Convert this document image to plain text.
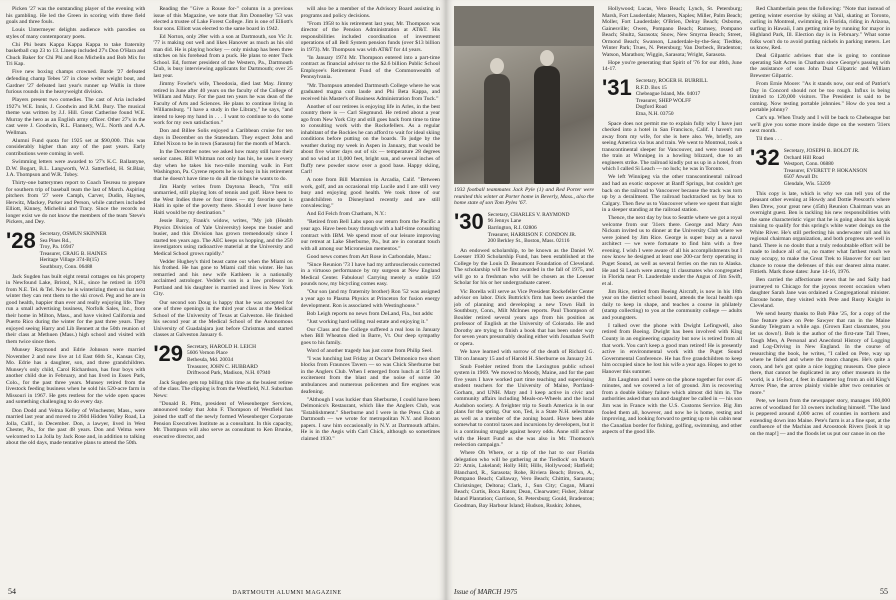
Picken '27 was the outstanding player of the evening with his gambling. He led the Green in scoring with three field goals and three fouls.

Louis Untermeyer delights audience with parodies on styles of many contemporary poets.

Chi Phi beats Kappa Kappa Kappa to take fraternity basketball cup 23 to 13. Lineup included 27's Don O'Hara and Chuck Baker for Chi Phi and Ron Michelin and Bob Mix for Tri Kap.

Five new boxing champs crowned. Barde '27 defeated defending champ Tebes '27 in close welter weight bout, and Gardner '27 defeated last year's runner up Wallis in three furious rounds in the heavyweight division.

Players present two comedies. The cast of Aria included 1927's W.E. Innis, J. Goodwin and R.M. Bury. The musical theme was written by J.J. Hill. Great Catherine found W.E. Murray the hero as an English army officer. Other 27's in the cast were J. Goodwin, R.L. Flannery, W.L. North and A.A. Wellman.

Alumni Fund quota for 1925 set at $90,000. This was considerably higher than any of the past years. Early contributions were coming in well.

Swimming letters were awarded to '27's K.C. Ballantyne, D.W. Bogart, B.L. Langworth, W.J. Satterfield, H. St.Blair, J.A. Thompson and W.R. Tobey.

Thirty-one batterymen report to Coach Tesreau to prepare for southern trip of baseball team the last of March. Aspiring pitchers from '27 were Camph, Carver, Dudin, Haynes, Herwitz, Mackey, Parker and Person, while catchers included Elliott, Kinney, Michelini and Tracy. Since the records no longer exist we do not know the members of the team 'Steve's Pickers, and Dey.

'28 Secretary, OSMUN SKINNER
Sea Pines Rd.,
Troy, Pa. 16947
Treasurer, CRAIG B. HAINES
Heritage Village 374-B(15)
Southbury, Conn. 06488

Jack Sugden has built eight rental cottages on his property in Newfound Lake, Bristol, N.H., since he retired in 1970 from N.E. Tel. & Tel. Now he is winterizing them so that next winter they can rent them to the ski crowd. Peg and he are in good health, happier than ever and really enjoying life. They run a small advertising business, Norfolk Sales, Inc., from their home in Milton, Mass., and have visited California and Puerto Rico during the winter for the past three years. They enjoyed seeing Harry and Lib Bennett at the 50th reunion of their class at Methuen (Mass.) high school and visited with them twice since then.

Munsey Raymond and Edrie Johnson were married November 2 and now live at 14 East 66th St., Kansas City, Mo. Edrie has a daughter, son, and three grandchildren. Munsey's only child, Carol Richardson, has four boys with another child due in February, and has lived in Essex Park, Colo., for the past three years. Munsey retired from the livestock feeding business when he sold his 520-acre farm in Missouri in 1967. He gets restless for the wide open spaces and something challenging to do every day.

Don Dodd and Velma Kelley of Winchester, Mass., were married last year and moved to 2604 Hidden Valley Road, La Jolla, Calif., in December. Don, a lawyer, lived in West Chester, Pa., for the past 48 years. Don and Velma were welcomed to La Jolla by Jack Rose and, in addition to talking about the old days, made tentative plans to attend the 50th.

Reading the "Give a Rouse for-" column in a previous issue of this Magazine, we note that Jim Donnelley '53 was elected a trustee of Lake Forest College. Jim is one of Elliott's four sons. Elliott was elected to the same board in 1942.

Ed Norton, only 28er with a son at Dartmouth, son Vic Jr. '77 is making out well and likes Hanover as much as his old man did. He is playing hockey — only mishap has been three stitches on his forehead from a puck. He plans to enter Tuck School. Ed, former president of the Western, Pa., Dartmouth Club, is busy interviewing applicants for Dartmouth; over 25 last year.

Jimmy Fowler's wife, Theodosia, died last May. Jimmy retired in June after 40 years on the faculty of the College of William and Mary. For the past ten years he was dean of the Faculty of Arts and Sciences. He plans to continue living in Williamsburg. "I have a study in the Library," he says, "and intend to keep my hand in . . . I want to continue to do some work for my own satisfaction."

Don and Billee Solis enjoyed a Caribbean cruise for ten days in December on the Statendam. They expect John and Ethel Nixon to be in town (Sarasota) for the month of March.

In the December notes we asked how many still have their senior canes. Bill Whitman not only has his, he uses it every day when he takes his two-mile morning walk in Fort Washington, Pa. Cyrene reports he is so busy in his retirement that he doesn't have time to do all the things he wants to do.

Jim Hardy writes from Daytona Beach, "I'm still unmarried, still playing lots of tennis and golf. Have been to the West Indies three or four times — my favorite spot is Haiti in spite of the poverty there. Should I ever leave here Haiti would be my destination."

Jessie Barry, Frank's widow, writes, "My job (Health Physics Division of Yale University) keeps me busier and busier, and this Division has grown tremendously since I started ten years ago. The AEC keeps us hopping, and the 250 investigators using radioactive material at the University and Medical School grows rapidly."

Vedder Hughey's third beast came out when the Miami on his frothed. He has gone to Miami calf this winter. He has remarried and his new wife Kathleen is a nationally acclaimed astrologer. Vedder's son is a law professor in Portland and his daughter is married and lives in New York City.

Our second son Doug is happy that he was accepted for one of three openings in the third year class at the Medical School of the University of Texas at Galveston. He finished his second year at the Medical School of the Autonomous University of Guadalajara just before Christmas and started classes at Galveston January 6.

'29 Secretary, HAROLD H. LEICH
5606 Vernon Place
Bethesda, Md. 20034
Treasurer, JOHN C. HUBBARD
Driftwood Park, Madison, N.H. 07940

Jack Sugden gets top billing this time as the busiest retiree of the class. The clipping is from the Westfield, N.J. Suburban News:

"Donald R. Pitts, president of Wiesenberger Services, announced today that John F. Thompson of Westfield has joined the staff of the newly formed Wiesenberger Corporate Pension Executives Institute as a consultant. In this capacity, Mr. Thompson will also serve as consultant to Ken Brunke, executive director, and

will also be a member of the Advisory Board assisting in programs and policy decisions.

"From 1958 to his retirement last year, Mr. Thompson was director of the Pension Administration at AT&T. His responsibilities included coordination of investment operations of all Bell System pension funds (over $13 billion in 1973). Mr. Thompson was with AT&T for 44 years.

"In January 1974 Mr. Thompson entered into a part-time contract as financial advisor to the $2.6 billion Public School Employee's Retirement Fund of the Commonwealth of Pennsylvania.

"Mr. Thompson attended Dartmouth College where he was graduated magna cum laude and Phi Beta Kappa, and received his Master's of Business Administration from Tuck."

Another of our retirees is enjoying life in Arles, in the best country there is — Carl Siegmund. He retired about a year ago from New York City and still goes back from time to time to consulting work with the Rockefellers. As a regular inhabitant of the Rockies he can afford to wait for ideal skiing conditions before putting on the boards. To judge by the weather during my week in Aspen in January, that would be about five winter days out of six — temperature 28 degrees and no wind at 11,000 feet, bright sun, and several inches of fluffy new powder snow over a good base. Happy skiing, Carl!

A note from Bill Marmion in Arcadia, Calif. "Between work, golf, and an occasional trip Lucile and I are still very busy and enjoying good health. We took three of our grandchildren to Disneyland recently and are still convalescing."

And Ed Felch from Chatham, N.Y.:

"Retired from Bell Labs upon our return from the Pacific a year ago. Have been busy through with a half-time consulting contract with IBM. We spend most of our leisure improving our retreat at Lake Sherburne, Pa., but are in constant touch with all among our Micronesian mementos."

Good news comes from Art Rose in Carbondale, Mass.:

"Since Reunion '73 I have had my arthrosclerosis corrected in a virtuoso performance by my surgeon at New England Medical Center. Fabulous! Carrying merely a stable 159 pounds now, my bicycling comes easy.

"Our son (and my fraternity brother) Ron '52 was assigned a year ago to Plasma Physics at Princeton for fusion energy development. Ron is associated with Westinghouse."

Bob Leigh reports no news from DeLand, Fla., but adds:

"Just working hard selling real estate and enjoying it."

Our Class and the College suffered a real loss in January when Bill Wheaton died in Barre, Vt. Our deep sympathy goes to his family.

Word of another tragedy has just come from Philip Seel.

"I was lunching last Friday at Oscar's Delmonico two short blocks from Fraunces Tavern — so was Chick Sherburne but in the Anglers Club. When I emerged from lunch at 1:50 the excitement from the blast and the noise of some 30 ambulances and numerous policemen and fire engines was deafening.

"Although I was luckier than Sherburne, I could have been Delmonico's Restaurant, which like the Anglers Club, was "Establishment." Sherburne and I were in the Press Club at Dartmouth — we wrote for metropolitan N.Y. and Boston papers. I saw him occasionally in N.Y. at Dartmouth affairs. He is in the Aegis with Carl Chick, although so sometimes claimed 1930."

54	DARTMOUTH ALUMNI MAGAZINE
1932 football teammates Jack Pyle (1) and Red Porter were reunited this winter at Porter home in Beverly, Mass., also the home state of son Tom Pyles '67.
'30 Secretary, CHARLES V. RAYMOND
96 Jennys Lane
Barrington, R.I. 02806
Treasurer, HARRISON F. CONDON JR.
200 Berkley St., Boston, Mass. 02116

An endowed scholarship, to be known as the Daniel W. Loesser 1930 Scholarship Fund, has been established at the College by the Louis D. Beaumont Foundation of Cleveland. The scholarship will be first awarded in the fall of 1975, and will go to a freshman who will be chosen as the Loesser Scholar for his or her undergraduate career.

Vic Borella will serve as Vice President Rockefeller Center advisor on labor. Dick Buttrick's firm has been awarded the job of planning and developing a new Town Hall in Southbury, Conn., Milt McInnes reports. Paul Thompson of Boulder retired several years ago from his position as professor of English at the University of Colorado. He and Dorothy are trying to finish a book that has been under way for seven years presumably dealing either with Jonathan Swift or opera.

We have learned with sorrow of the death of Richard G. Tilt on January 15 and of Harold H. Sherburne on January 24.

Snub Foehler retired from the Lexington public school system in 1969. 'We moved to Moody, Maine, and for the past five years I have worked part time teaching and supervising student teachers for the University of Maine, Portland-Gorham, and UNH. Mary and I keep active in civic and community affairs including Meals-on-Wheels and the local Audubon society. A freighter trip to South America is in our plans for the spring. Our son, Ted, is a State N.H. selectman as well as a member of the zoning board. Have been able somewhat to control taxes and incursions by developers, but it is a continuing struggle against heavy odds. Anne still active with the Heart Fund as she was also in Mr. Thomson's reelection campaign."

Where Oh Where, or a tip of the hat to our Florida delegation who will be gathering at the Tiedlock' on March 22: Amis, Lakeland; Holly Hill; Hills, Hollywood; Hatfield; Blanchard, R., Sarasota; Rohe, Riviera Beach; Brown, A., Pompano Beach; Callaway, Vero Beach; Chittim, Sarasota; Christsinger, Deltona; Clark, J., Sun City; Cogan, Miami Beach; Curtis, Boca Raton; Dean, Clearwater; Fisher, Jolmar Island Plantation; Garrison, St. Petersburg; Gould, Bradenton; Goodman, Bay Harbour Island; Hudson, Ruskin; Johnes,

Hollywood; Lucas, Vero Beach; Lynch, St. Petersburg; Marsh, Fort Lauderdale; Masters, Naples; Miller, Palm Beach; Moller, Fort Lauderdale; O'Brien, Delray Beach; Osborne, Gainesville; Owen, Pompano Beach; Ramsey, Pompano Beach; Shultz, Sarasota; Snow, New Smyrna Beach; Street, Ormond Beach; Swanson, Lauderdale-by-the-Sea; Tiedtke, Winter Park; Trues, N. Petersburg; Van Dorbeck, Bradenton; Watson, Marathon; Wiggin, Sarasota; Wright, Sarasota.

Hope you're generating that Spirit of '76 for our 46th, June 14-17.

'31 Secretary, ROGER H. BURRILL
R.F.D. Box 15
Chebeague Island, Me. 04017
Treasurer, SHEP WOLFF
Dogford Road
Etna, N.H. 03750

Space does not permit me to explain fully why I have just checked into a hotel in San Francisco, Calif. I haven't run away from my wife, for she is here also. We, briefly, are seeing America via bus and train. We went to Montreal, took a transcontinental sleeper for Vancouver, and were tossed off the train at Winnipeg in a howling blizzard, due to an engineers strike. The railroad kindly put us up in a hotel, from which I called Si Leach — no luck; he was in Toronto.

We left Winnipeg via the other transcontinental railroad and had an exotic stopover at Banff Springs, but couldn't get back on the railroad to Vancouver because the track was torn up by a derailment. The railroad backtracked us by bus to Calgary. Then flew us to Vancouver where we spent that night in a sleeper standing at the railroad station.

Thence, the next day by bus to Seattle where we got a royal welcome from our '31ers there. George and Mary Ann Nickum invited us to dinner at the University Club where we were joined by Jim Rice. George is super busy as a naval architect — we were fortunate to find him with a free evening. I wish I were aware of all his accomplishments but I now know he designed at least one 200-car ferry operating in Puget Sound, as well as several ferries on the run to Alaska. He and Si Leach were among 11 classmates who congregated in Florida near Ft. Lauderdale under the Angus of Jim Swift, et al.

Jim Rice, retired from Boeing Aircraft, is now in his 18th year on the district school board, attends the local health spa daily to keep in shape, and teaches a course in philately (stamp collecting) to you at the community college — adults and youngsters.

I talked over the phone with Dwight Lefingwell, also retired from Boeing. Dwight has been involved with King County in an engineering capacity but now is retired from all that work. You can't keep a good man retired! He is presently active in environmental work with the Puget Sound Governmental Conference. He has five grandchildren to keep him occupied since he lost his wife a year ago. Hopes to get to Hanover this summer.

Jim Laughton and I were on the phone together for over 45 minutes, and we covered a lot of ground. Jim is recovering from a double kidney failure which almost did him in. The authorities asked that son and daughter be called in — his son Jim was in France with the U.S. Customs Service. Big Jim fooled them all, however, and now he is home, resting and improving, and looking forward to getting up to his cabin near the Canadian border for fishing, golfing, swimming, and other aspects of the good life.

Red Chamberlain pens the following: "Note that instead of getting winter exercise by skiing at Vail, skating at Toronto, curling in Montreal, swimming in Florida, riding in Arizona, surfing in Hawaii, I am getting mine by running for mayor in Highland Park, Ill. Election day is in February." What some folks won't do to avoid putting nickels in parking meters. Let us know, Red.

Deal Gilpatric advises that she is going to continue operating Salt Acres in Chatham since George's passing with the assistance of sons John Dual Gilpatric and William Brewster Gilpatric.

From Ernie Moore: "As it stands now, our end of Patriot's Day in Concord should not be too rough. Influx is being limited to 120,000 visitors. The President is said to be coming. Now testing portable johnnies." How do you test a portable johnny?

Cat's up. When Trudy and I will be back to Chebeague but we'll give you some more inside dope on the western '31ers next month.

Til then . . .

'32 Secretary, JOSEPH B. BOLDT JR.
Orchard Hill Road
Westport, Conn. 06880
Treasurer, EVERETT P. HOKANSON
6507 Atwall Dr.
Glendale, Wis. 53209

This copy is late, which is why we can tell you of the pleasant other evening at Howdy and Dottie Prescott's where Ben Drew, your great new (45th) Reunion Chairman was an overnight guest. Ben is tackling his new responsibilities with the same characteristic vigor that he is going about his kayak training to qualify for this spring's white water doings on the White River. He's still perfecting his underwater roll and his regional chairman organization, and both progress are well in hand. There is no doubt that a truly redoubtable effort will be made to induce all of us, no matter what farthest reach we may occupy, to make the Great Trek to Hanover for our last chance to rouse the defenses of this our dearest alma mater. Fittieth. Mark those dates: June 14-16, 1976.

Ben carried the affectionate news that he and Sally had journeyed to Chicago for the joyous recent occasion when daughter Sarah Jane was ordained a Congregational minister. Enroute home, they visited with Pete and Rusty Knight in Cleveland.

We send hearty thanks to Bob Pike '25, for a copy of the fine feature piece on Pete Sawyer that ran in the Maine Sunday Telegram a while ago. (Grown East classmates, you let us down!). Bob is the author of the first-rate Tall Trees, Tough Men, A Personal and Anecdotal History of Logging and Log-Driving in New England. In the course of researching the book, he writes, "I called on Pete, way up where he fished and where the moon changes. He's quite a coon, and he's got quite a nice logging museum. One piece there, that cannot be duplicated in any other museum in the world, is a 16-foot, 4 feet in diameter log from an old King's Arrow Pine, the arrow plainly visible after two centuries or more."

Pete, we learn from the newspaper story, manages 160,000 acres of woodland for 33 owners including himself. "The land is peppered around 4,000 acres of counties in northern and extending down into Maine. Pete's farm is at a fine spot, at the confluence of the Machias and Aroostook Rivers [look it up on the map!] — and the floods let us put our canoe in on the

Issue of MARCH 1975	55
